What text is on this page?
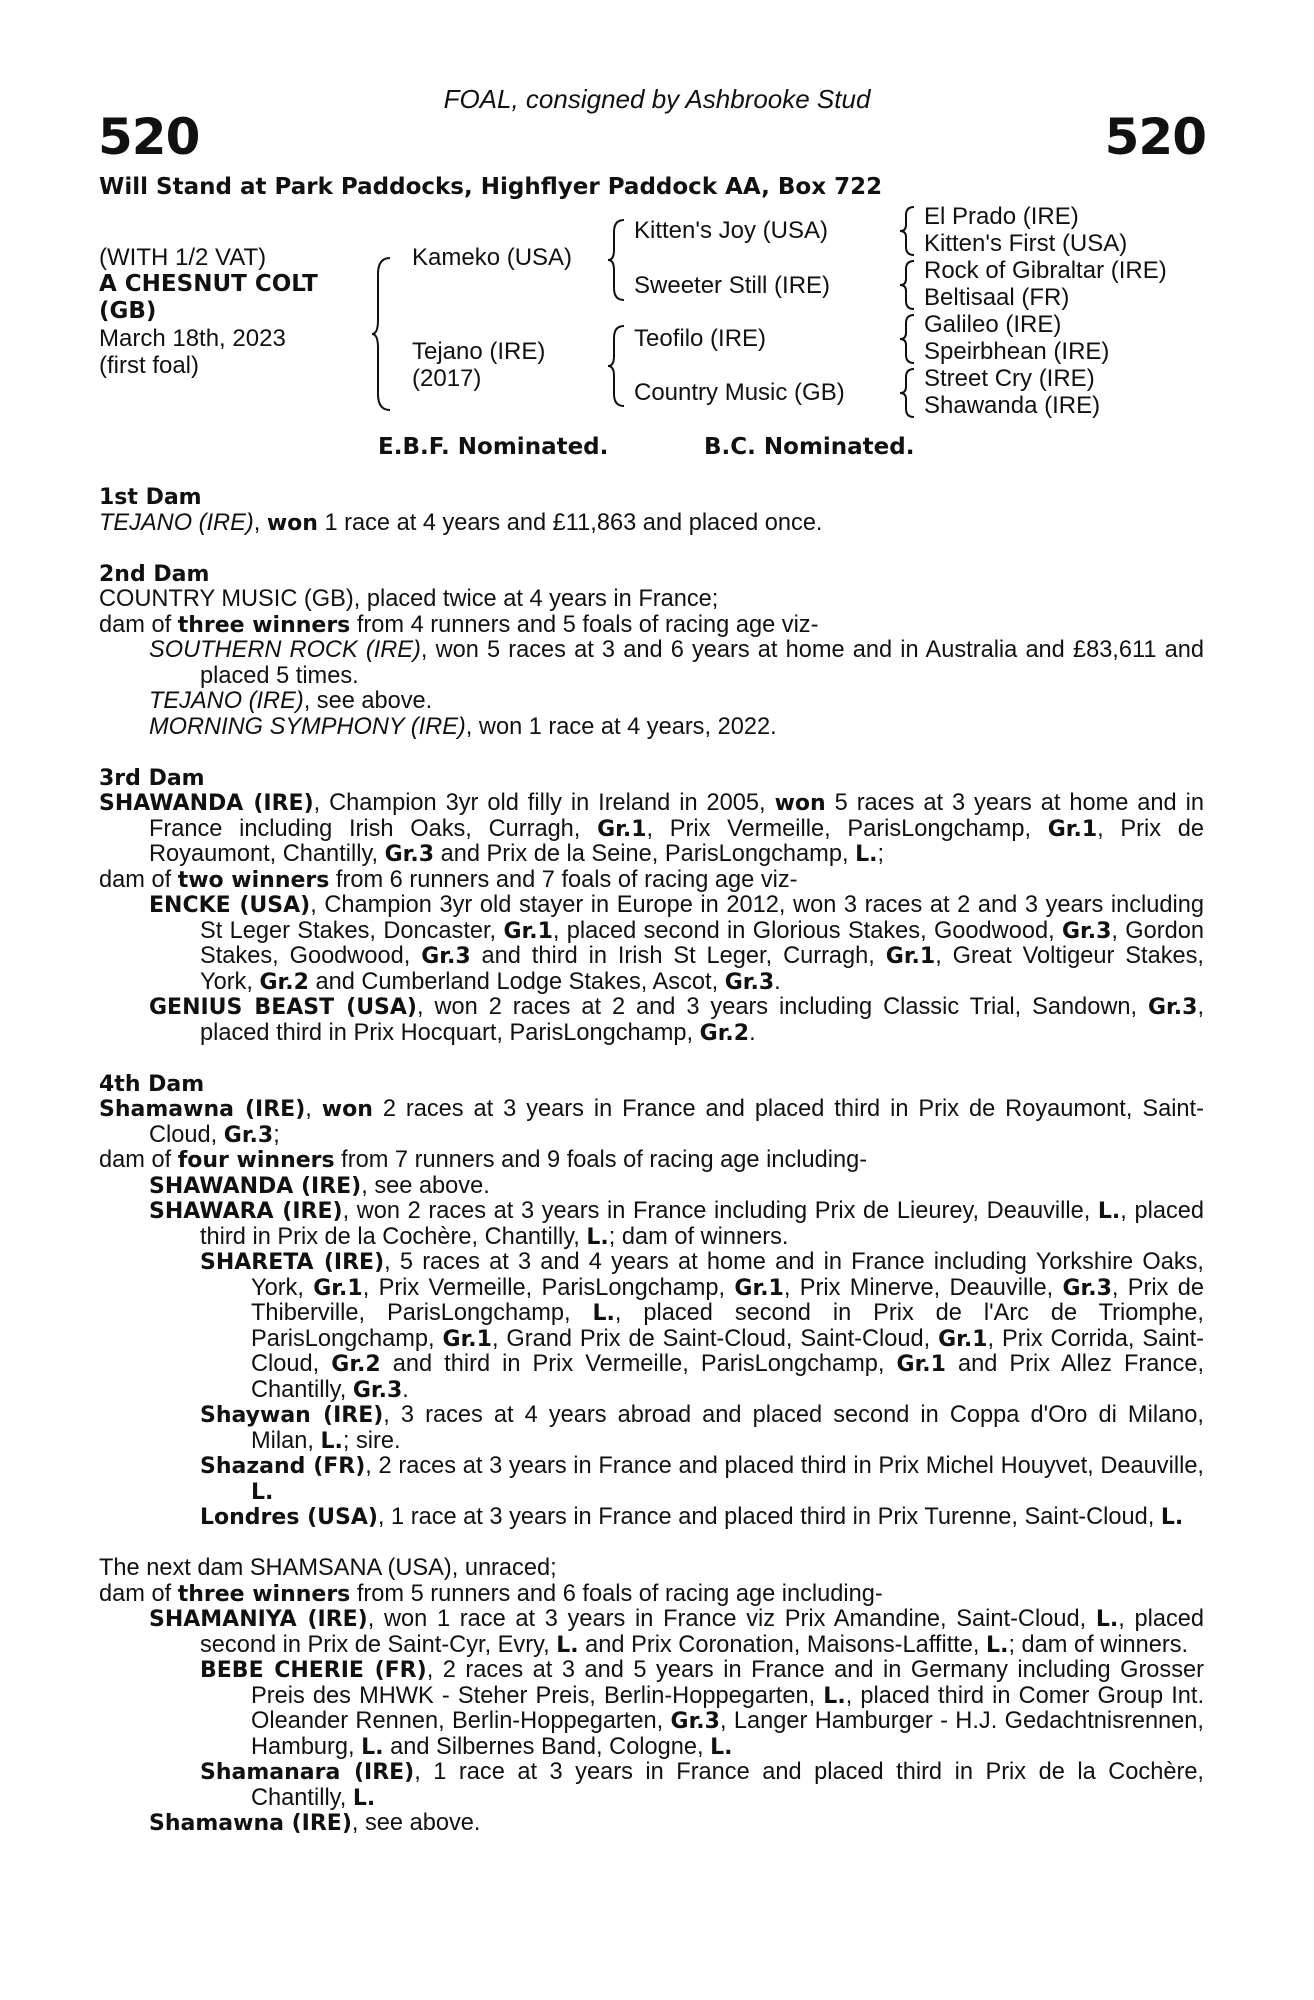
FOAL, consigned by Ashbrooke Stud
520	520
Will Stand at Park Paddocks, Highflyer Paddock AA, Box 722
(WITH 1/2 VAT)
A CHESNUT COLT
(GB)
March 18th, 2023
(first foal)
Kameko (USA)
Tejano (IRE)
(2017)
Kitten's Joy (USA)
Sweeter Still (IRE)
Teofilo (IRE)
Country Music (GB)
El Prado (IRE)
Kitten's First (USA)
Rock of Gibraltar (IRE)
Beltisaal (FR)
Galileo (IRE)
Speirbhean (IRE)
Street Cry (IRE)
Shawanda (IRE)
E.B.F. Nominated.	B.C. Nominated.
1st Dam

TEJANO (IRE), won 1 race at 4 years and £11,863 and placed once.

2nd Dam

COUNTRY MUSIC (GB), placed twice at 4 years in France;

dam of three winners from 4 runners and 5 foals of racing age viz-

SOUTHERN ROCK (IRE), won 5 races at 3 and 6 years at home and in Australia and £83,611 and placed 5 times.

TEJANO (IRE), see above.

MORNING SYMPHONY (IRE), won 1 race at 4 years, 2022.

3rd Dam

SHAWANDA (IRE), Champion 3yr old filly in Ireland in 2005, won 5 races at 3 years at home and in France including Irish Oaks, Curragh, Gr.1, Prix Vermeille, ParisLongchamp, Gr.1, Prix de Royaumont, Chantilly, Gr.3 and Prix de la Seine, ParisLongchamp, L.;

dam of two winners from 6 runners and 7 foals of racing age viz-

ENCKE (USA), Champion 3yr old stayer in Europe in 2012, won 3 races at 2 and 3 years including St Leger Stakes, Doncaster, Gr.1, placed second in Glorious Stakes, Goodwood, Gr.3, Gordon Stakes, Goodwood, Gr.3 and third in Irish St Leger, Curragh, Gr.1, Great Voltigeur Stakes, York, Gr.2 and Cumberland Lodge Stakes, Ascot, Gr.3.

GENIUS BEAST (USA), won 2 races at 2 and 3 years including Classic Trial, Sandown, Gr.3, placed third in Prix Hocquart, ParisLongchamp, Gr.2.

4th Dam

Shamawna (IRE), won 2 races at 3 years in France and placed third in Prix de Royaumont, Saint-Cloud, Gr.3;

dam of four winners from 7 runners and 9 foals of racing age including-

SHAWANDA (IRE), see above.

SHAWARA (IRE), won 2 races at 3 years in France including Prix de Lieurey, Deauville, L., placed third in Prix de la Cochère, Chantilly, L.; dam of winners.

SHARETA (IRE), 5 races at 3 and 4 years at home and in France including Yorkshire Oaks, York, Gr.1, Prix Vermeille, ParisLongchamp, Gr.1, Prix Minerve, Deauville, Gr.3, Prix de Thiberville, ParisLongchamp, L., placed second in Prix de l'Arc de Triomphe, ParisLongchamp, Gr.1, Grand Prix de Saint-Cloud, Saint-Cloud, Gr.1, Prix Corrida, Saint-Cloud, Gr.2 and third in Prix Vermeille, ParisLongchamp, Gr.1 and Prix Allez France, Chantilly, Gr.3.

Shaywan (IRE), 3 races at 4 years abroad and placed second in Coppa d'Oro di Milano, Milan, L.; sire.

Shazand (FR), 2 races at 3 years in France and placed third in Prix Michel Houyvet, Deauville, L.

Londres (USA), 1 race at 3 years in France and placed third in Prix Turenne, Saint-Cloud, L.

The next dam SHAMSANA (USA), unraced;

dam of three winners from 5 runners and 6 foals of racing age including-

SHAMANIYA (IRE), won 1 race at 3 years in France viz Prix Amandine, Saint-Cloud, L., placed second in Prix de Saint-Cyr, Evry, L. and Prix Coronation, Maisons-Laffitte, L.; dam of winners.

BEBE CHERIE (FR), 2 races at 3 and 5 years in France and in Germany including Grosser Preis des MHWK - Steher Preis, Berlin-Hoppegarten, L., placed third in Comer Group Int. Oleander Rennen, Berlin-Hoppegarten, Gr.3, Langer Hamburger - H.J. Gedachtnisrennen, Hamburg, L. and Silbernes Band, Cologne, L.

Shamanara (IRE), 1 race at 3 years in France and placed third in Prix de la Cochère, Chantilly, L.

Shamawna (IRE), see above.
